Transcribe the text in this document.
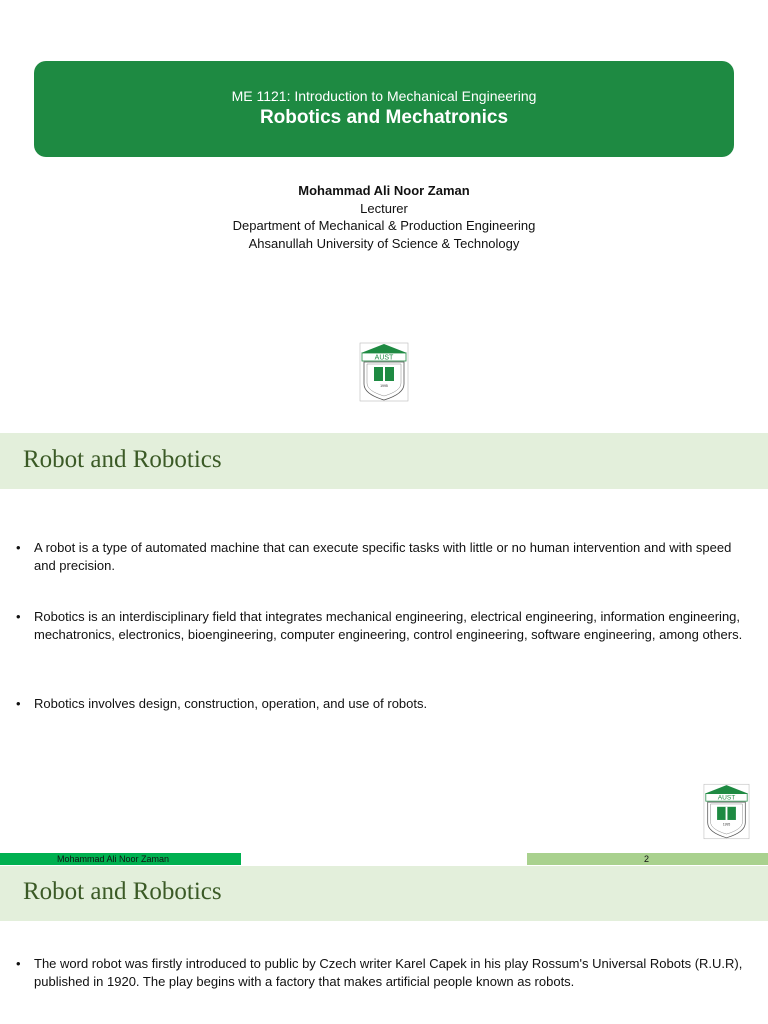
ME 1121: Introduction to Mechanical Engineering
Robotics and Mechatronics
Mohammad Ali Noor Zaman
Lecturer
Department of Mechanical & Production Engineering
Ahsanullah University of Science & Technology
AUST
1995
Robot and Robotics
• A robot is a type of automated machine that can execute specific tasks with little or no human intervention and with speed and precision.
• Robotics is an interdisciplinary field that integrates mechanical engineering, electrical engineering, information engineering, mechatronics, electronics, bioengineering, computer engineering, control engineering, software engineering, among others.
• Robotics involves design, construction, operation, and use of robots.
AUST
1995
Mohammad Ali Noor Zaman	2
Robot and Robotics
• The word robot was firstly introduced to public by Czech writer Karel Capek in his play Rossum's Universal Robots (R.U.R), published in 1920. The play begins with a factory that makes artificial people known as robots.
